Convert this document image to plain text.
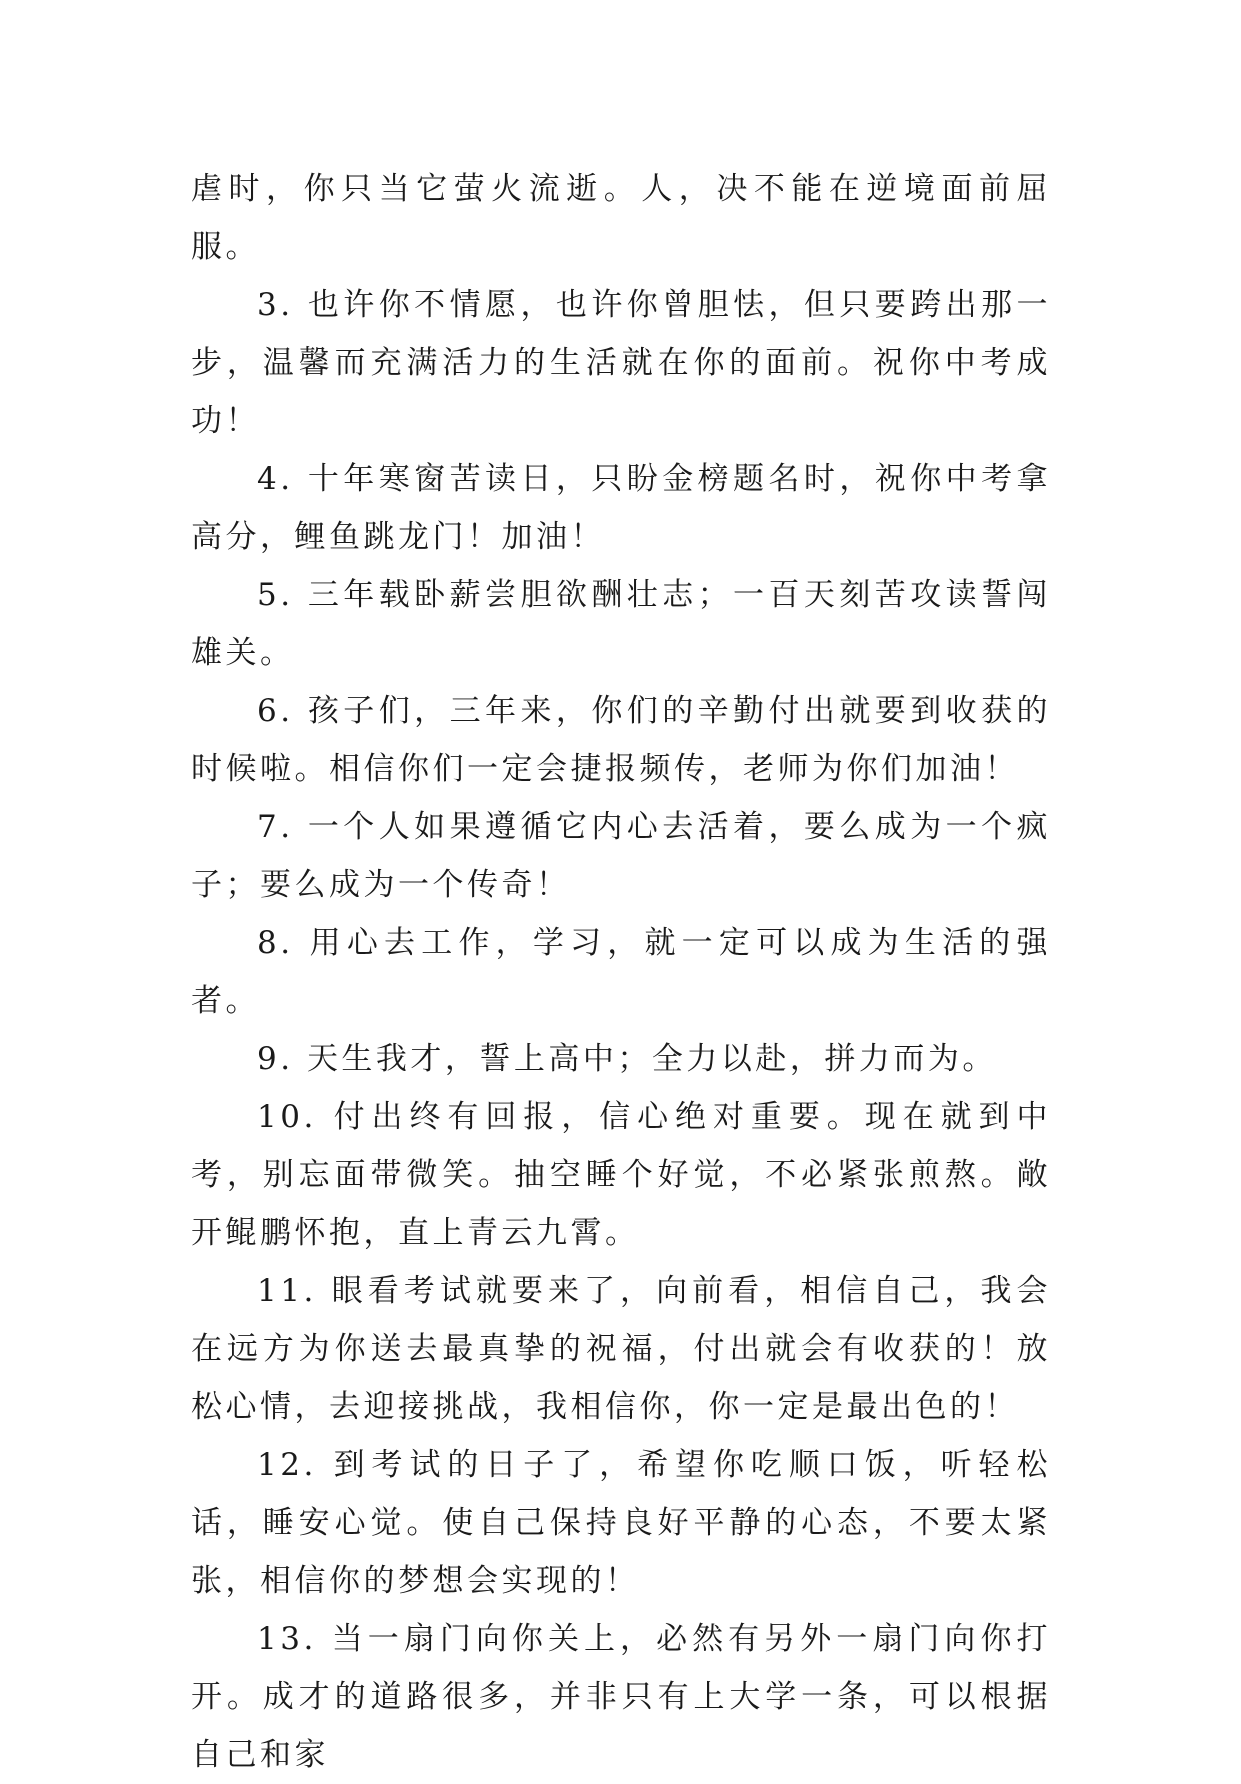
虐时，你只当它萤火流逝。人，决不能在逆境面前屈服。

3. 也许你不情愿，也许你曾胆怯，但只要跨出那一步，温馨而充满活力的生活就在你的面前。祝你中考成功！

4. 十年寒窗苦读日，只盼金榜题名时，祝你中考拿高分，鲤鱼跳龙门！加油！

5. 三年载卧薪尝胆欲酬壮志；一百天刻苦攻读誓闯雄关。

6. 孩子们，三年来，你们的辛勤付出就要到收获的时候啦。相信你们一定会捷报频传，老师为你们加油！

7. 一个人如果遵循它内心去活着，要么成为一个疯子；要么成为一个传奇！

8. 用心去工作，学习，就一定可以成为生活的强者。

9. 天生我才，誓上高中；全力以赴，拼力而为。

10. 付出终有回报，信心绝对重要。现在就到中考，别忘面带微笑。抽空睡个好觉，不必紧张煎熬。敞开鲲鹏怀抱，直上青云九霄。

11. 眼看考试就要来了，向前看，相信自己，我会在远方为你送去最真挚的祝福，付出就会有收获的！放松心情，去迎接挑战，我相信你，你一定是最出色的！

12. 到考试的日子了，希望你吃顺口饭，听轻松话，睡安心觉。使自己保持良好平静的心态，不要太紧张，相信你的梦想会实现的！

13. 当一扇门向你关上，必然有另外一扇门向你打开。成才的道路很多，并非只有上大学一条，可以根据自己和家
